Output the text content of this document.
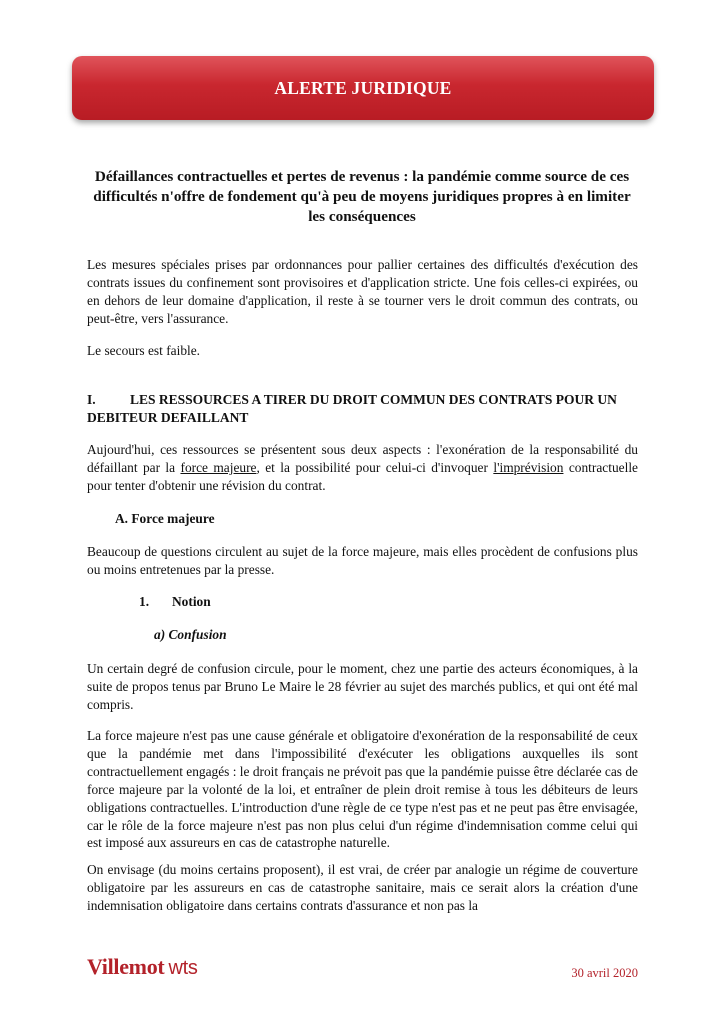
ALERTE JURIDIQUE
Défaillances contractuelles et pertes de revenus : la pandémie comme source de ces difficultés n'offre de fondement qu'à peu de moyens juridiques propres à en limiter les conséquences

Les mesures spéciales prises par ordonnances pour pallier certaines des difficultés d'exécution des contrats issues du confinement sont provisoires et d'application stricte. Une fois celles-ci expirées, ou en dehors de leur domaine d'application, il reste à se tourner vers le droit commun des contrats, ou peut-être, vers l'assurance.

Le secours est faible.

I.	LES RESSOURCES A TIRER DU DROIT COMMUN DES CONTRATS POUR UN DEBITEUR DEFAILLANT

Aujourd'hui, ces ressources se présentent sous deux aspects : l'exonération de la responsabilité du défaillant par la force majeure, et la possibilité pour celui-ci d'invoquer l'imprévision contractuelle pour tenter d'obtenir une révision du contrat.

A. Force majeure

Beaucoup de questions circulent au sujet de la force majeure, mais elles procèdent de confusions plus ou moins entretenues par la presse.

1. Notion
a) Confusion

Un certain degré de confusion circule, pour le moment, chez une partie des acteurs économiques, à la suite de propos tenus par Bruno Le Maire le 28 février au sujet des marchés publics, et qui ont été mal compris.

La force majeure n'est pas une cause générale et obligatoire d'exonération de la responsabilité de ceux que la pandémie met dans l'impossibilité d'exécuter les obligations auxquelles ils sont contractuellement engagés : le droit français ne prévoit pas que la pandémie puisse être déclarée cas de force majeure par la volonté de la loi, et entraîner de plein droit remise à tous les débiteurs de leurs obligations contractuelles. L'introduction d'une règle de ce type n'est pas et ne peut pas être envisagée, car le rôle de la force majeure n'est pas non plus celui d'un régime d'indemnisation comme celui qui est imposé aux assureurs en cas de catastrophe naturelle.

On envisage (du moins certains proposent), il est vrai, de créer par analogie un régime de couverture obligatoire par les assureurs en cas de catastrophe sanitaire, mais ce serait alors la création d'une indemnisation obligatoire dans certains contrats d'assurance et non pas la

Villemot wts	30 avril 2020
